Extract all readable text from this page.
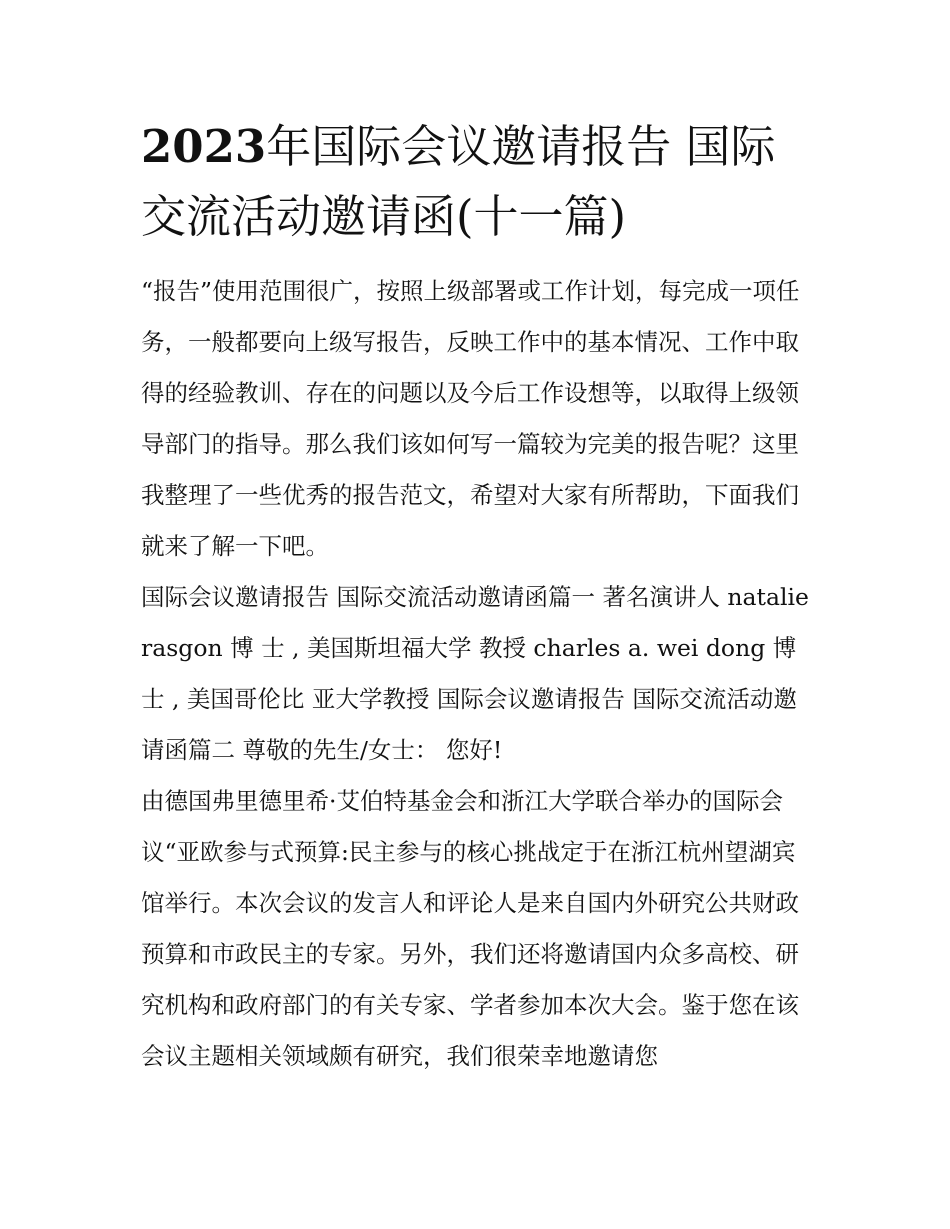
2023年国际会议邀请报告 国际交流活动邀请函(十一篇)

“报告”使用范围很广，按照上级部署或工作计划，每完成一项任务，一般都要向上级写报告，反映工作中的基本情况、工作中取得的经验教训、存在的问题以及今后工作设想等，以取得上级领导部门的指导。那么我们该如何写一篇较为完美的报告呢？这里我整理了一些优秀的报告范文，希望对大家有所帮助，下面我们就来了解一下吧。

国际会议邀请报告 国际交流活动邀请函篇一 著名演讲人 natalie rasgon 博 士 , 美国斯坦福大学 教授 charles a. wei dong 博 士 , 美国哥伦比 亚大学教授 国际会议邀请报告 国际交流活动邀请函篇二 尊敬的先生/女士： 您好!

由德国弗里德里希·艾伯特基金会和浙江大学联合举办的国际会议“亚欧参与式预算:民主参与的核心挑战定于在浙江杭州望湖宾馆举行。本次会议的发言人和评论人是来自国内外研究公共财政预算和市政民主的专家。另外，我们还将邀请国内众多高校、研究机构和政府部门的有关专家、学者参加本次大会。鉴于您在该会议主题相关领域颇有研究，我们很荣幸地邀请您
